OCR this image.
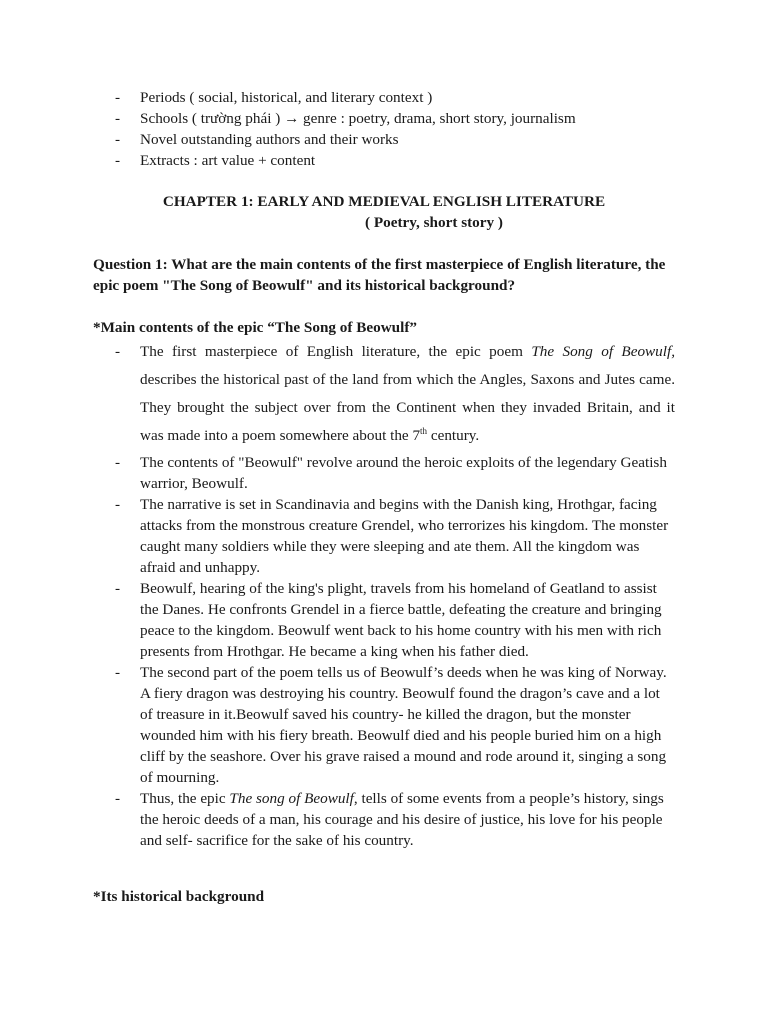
- Periods ( social, historical, and literary context )
- Schools ( trường phái ) → genre : poetry, drama, short story, journalism
- Novel outstanding authors and their works
- Extracts : art value + content

CHAPTER 1: EARLY AND MEDIEVAL ENGLISH LITERATURE

( Poetry, short story )

Question 1: What are the main contents of the first masterpiece of English literature, the epic poem "The Song of Beowulf" and its historical background?

*Main contents of the epic “The Song of Beowulf”

- The first masterpiece of English literature, the epic poem The Song of Beowulf, describes the historical past of the land from which the Angles, Saxons and Jutes came. They brought the subject over from the Continent when they invaded Britain, and it was made into a poem somewhere about the 7th century.
- The contents of "Beowulf" revolve around the heroic exploits of the legendary Geatish warrior, Beowulf.
- The narrative is set in Scandinavia and begins with the Danish king, Hrothgar, facing attacks from the monstrous creature Grendel, who terrorizes his kingdom. The monster caught many soldiers while they were sleeping and ate them. All the kingdom was afraid and unhappy.
- Beowulf, hearing of the king's plight, travels from his homeland of Geatland to assist the Danes. He confronts Grendel in a fierce battle, defeating the creature and bringing peace to the kingdom. Beowulf went back to his home country with his men with rich presents from Hrothgar. He became a king when his father died.
- The second part of the poem tells us of Beowulf’s deeds when he was king of Norway. A fiery dragon was destroying his country. Beowulf found the dragon’s cave and a lot of treasure in it.Beowulf saved his country- he killed the dragon, but the monster wounded him with his fiery breath. Beowulf died and his people buried him on a high cliff by the seashore. Over his grave raised a mound and rode around it, singing a song of mourning.
- Thus, the epic The song of Beowulf, tells of some events from a people’s history, sings the heroic deeds of a man, his courage and his desire of justice, his love for his people and self- sacrifice for the sake of his country.

*Its historical background
